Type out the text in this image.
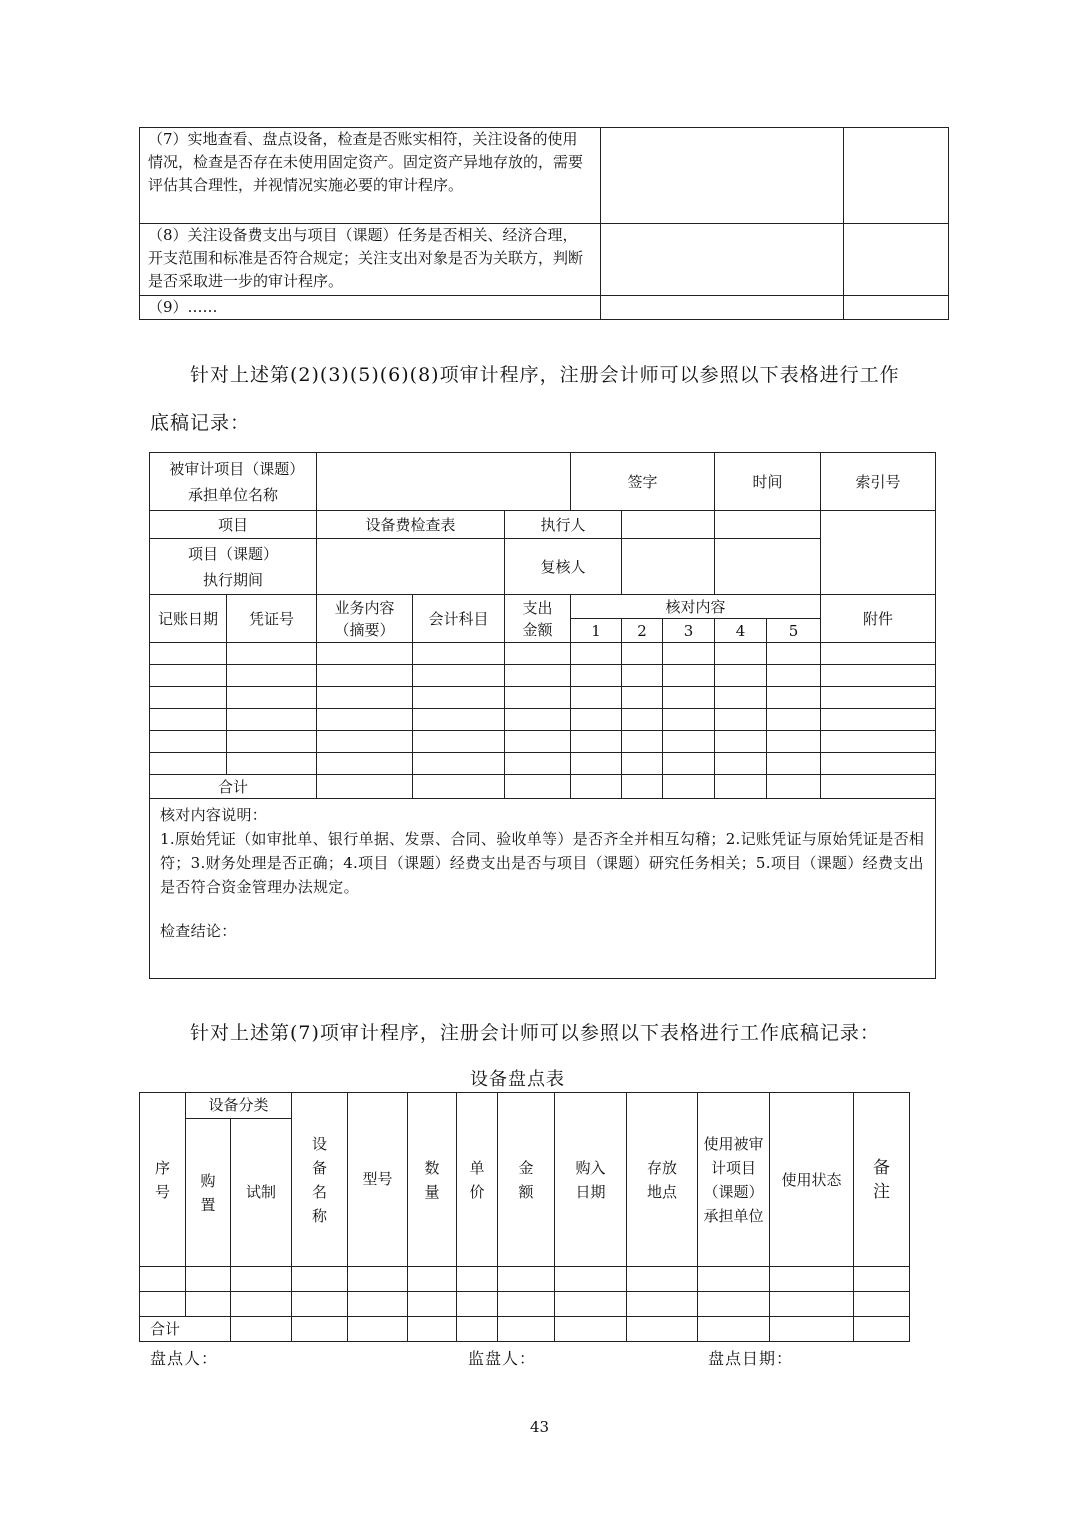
（7）实地查看、盘点设备，检查是否账实相符，关注设备的使用情况，检查是否存在未使用固定资产。固定资产异地存放的，需要评估其合理性，并视情况实施必要的审计程序。		
（8）关注设备费支出与项目（课题）任务是否相关、经济合理，开支范围和标准是否符合规定；关注支出对象是否为关联方，判断是否采取进一步的审计程序。		
（9）……		
针对上述第(2)(3)(5)(6)(8)项审计程序，注册会计师可以参照以下表格进行工作
底稿记录：
被审计项目（课题）承担单位名称					签字			时间		索引号
项目		设备费检查表		执行人						
项目（课题）执行期间				复核人						
记账日期	凭证号	业务内容（摘要）	会计科目	支出金额	核对内容					附件
					1	2	3	4	5	

合计										

核对内容说明：
1.原始凭证（如审批单、银行单据、发票、合同、验收单等）是否齐全并相互勾稽；2.记账凭证与原始凭证是否相符；3.财务处理是否正确；4.项目（课题）经费支出是否与项目（课题）研究任务相关；5.项目（课题）经费支出是否符合资金管理办法规定。
检查结论：										
针对上述第(7)项审计程序，注册会计师可以参照以下表格进行工作底稿记录：
设备盘点表
序号	设备分类		设备名称	型号	数量	单价	金额	购入日期	存放地点	使用被审计项目（课题）承担单位	使用状态	备注
	购置	试制										

合计												
盘点人：	监盘人：	盘点日期：
43
